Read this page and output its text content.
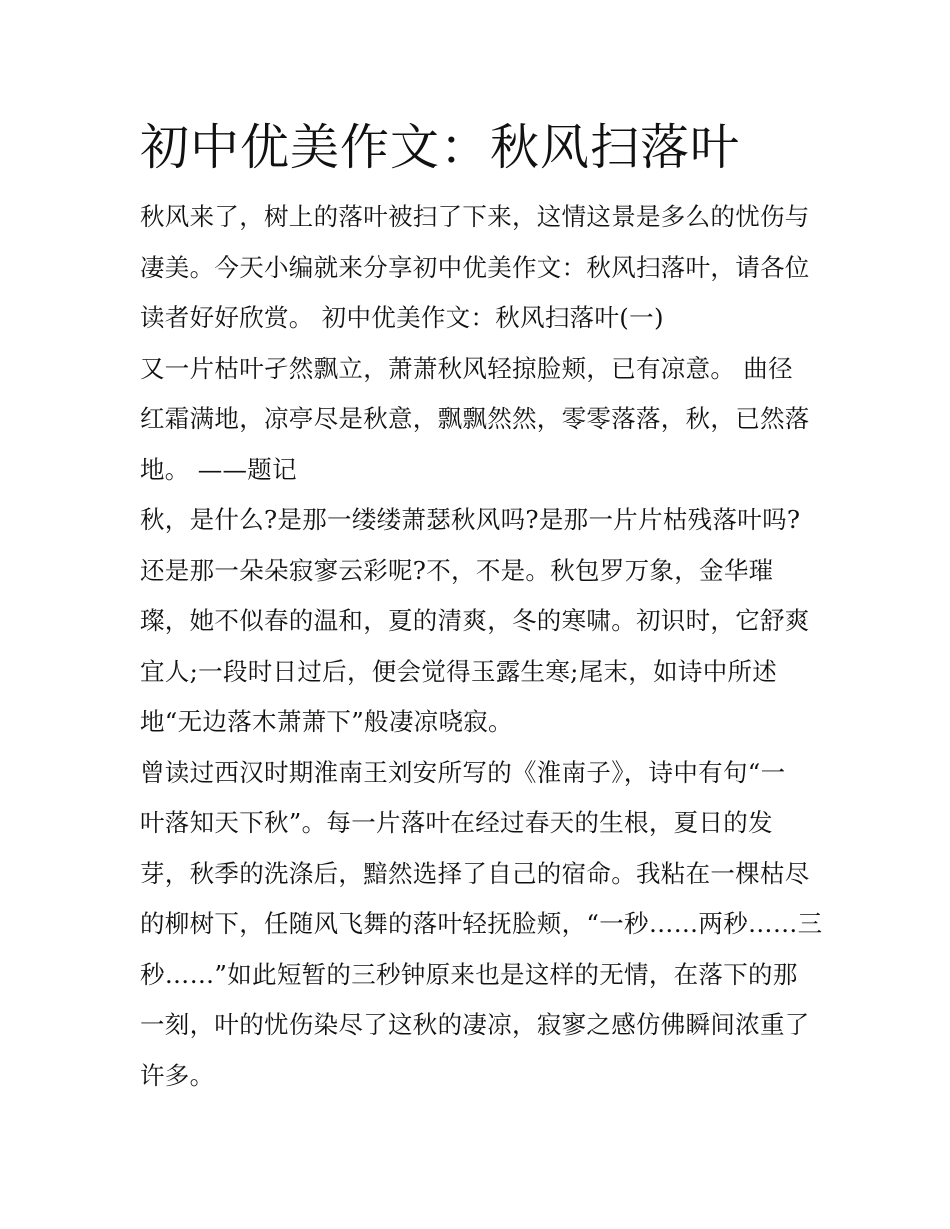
初中优美作文：秋风扫落叶
秋风来了，树上的落叶被扫了下来，这情这景是多么的忧伤与
凄美。今天小编就来分享初中优美作文：秋风扫落叶，请各位
读者好好欣赏。 初中优美作文：秋风扫落叶(一)
又一片枯叶孑然飘立，萧萧秋风轻掠脸颊，已有凉意。 曲径
红霜满地，凉亭尽是秋意，飘飘然然，零零落落，秋，已然落
地。 ——题记
秋，是什么?是那一缕缕萧瑟秋风吗?是那一片片枯残落叶吗?
还是那一朵朵寂寥云彩呢?不，不是。秋包罗万象，金华璀
璨，她不似春的温和，夏的清爽，冬的寒啸。初识时，它舒爽
宜人;一段时日过后，便会觉得玉露生寒;尾末，如诗中所述
地“无边落木萧萧下”般凄凉哓寂。
曾读过西汉时期淮南王刘安所写的《淮南子》，诗中有句“一
叶落知天下秋”。每一片落叶在经过春天的生根，夏日的发
芽，秋季的洗涤后，黯然选择了自己的宿命。我粘在一棵枯尽
的柳树下，任随风飞舞的落叶轻抚脸颊，“一秒……两秒……三
秒……”如此短暂的三秒钟原来也是这样的无情，在落下的那
一刻，叶的忧伤染尽了这秋的凄凉，寂寥之感仿佛瞬间浓重了
许多。
